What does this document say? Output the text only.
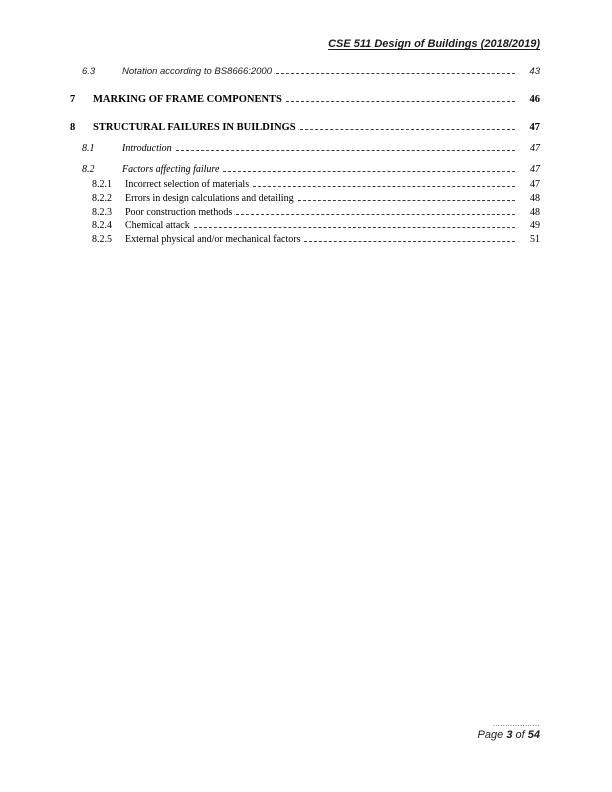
CSE 511 Design of Buildings (2018/2019)
6.3	Notation according to BS8666:2000	43
7	MARKING OF FRAME COMPONENTS	46
8	STRUCTURAL FAILURES IN BUILDINGS	47
8.1	Introduction	47
8.2	Factors affecting failure	47
8.2.1	Incorrect selection of materials	47
8.2.2	Errors in design calculations and detailing	48
8.2.3	Poor construction methods	48
8.2.4	Chemical attack	49
8.2.5	External physical and/or mechanical factors	51
...................
Page 3 of 54
